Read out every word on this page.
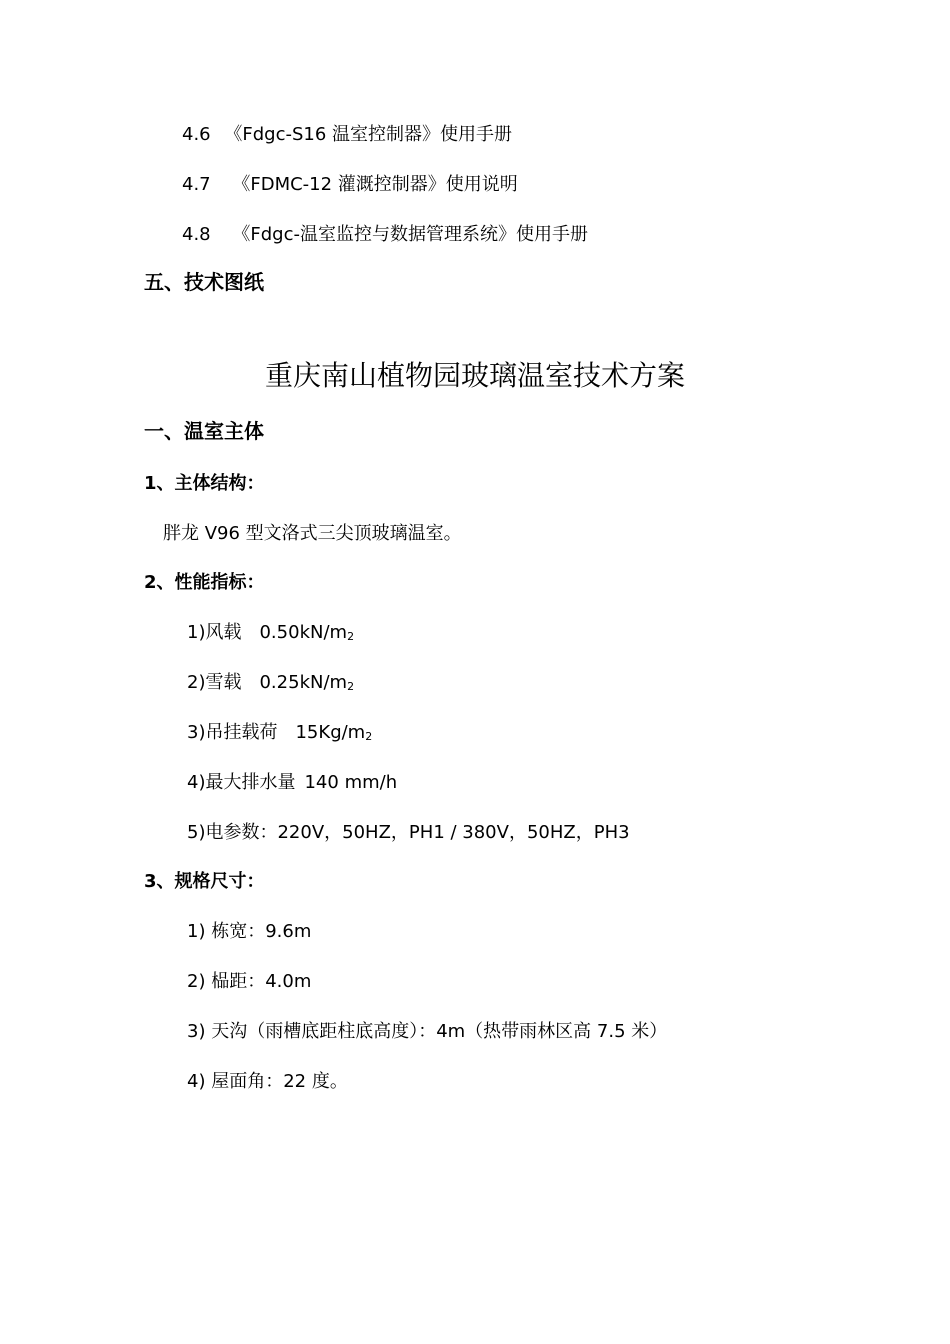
4.6 《Fdgc-S16 温室控制器》使用手册
4.7 《FDMC-12 灌溉控制器》使用说明
4.8 《Fdgc-温室监控与数据管理系统》使用手册
五、技术图纸
重庆南山植物园玻璃温室技术方案
一、温室主体
1、主体结构：
胖龙 V96 型文洛式三尖顶玻璃温室。
2、性能指标：
1)风载 $0.50kN/m_2$
2)雪载 $0.25kN/m_2$
3)吊挂载荷 $15Kg/m_2$
4)最大排水量 140 mm/h
5)电参数：220V，50HZ，PH1 / 380V，50HZ，PH3
3、规格尺寸：
1) 栋宽：9.6m
2) 榀距：4.0m
3) 天沟（雨槽底距柱底高度）：4m（热带雨林区高 7.5 米）
4) 屋面角：22 度。
